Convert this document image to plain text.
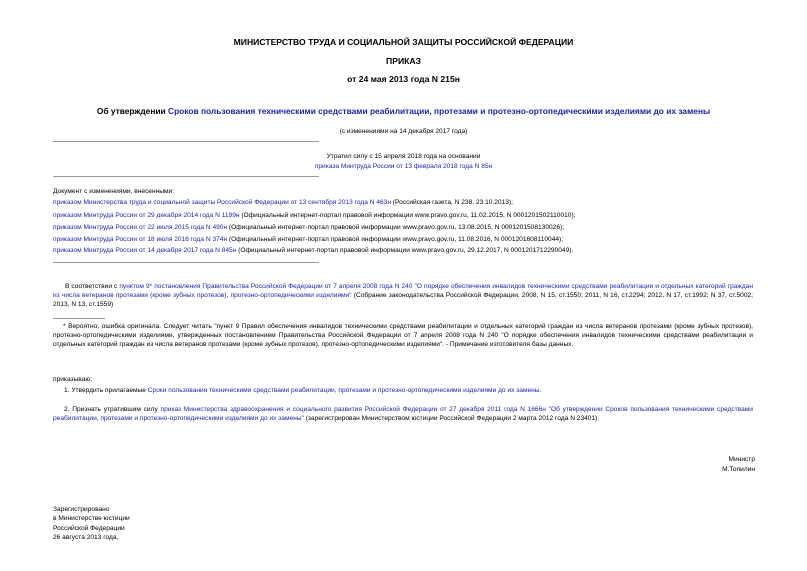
МИНИСТЕРСТВО ТРУДА И СОЦИАЛЬНОЙ ЗАЩИТЫ РОССИЙСКОЙ ФЕДЕРАЦИИ
ПРИКАЗ
от 24 мая 2013 года N 215н
Об утверждении Сроков пользования техническими средствами реабилитации, протезами и протезно-ортопедическими изделиями до их замены
(с изменениями на 14 декабря 2017 года)
Утратил силу с 15 апреля 2018 года на основании
приказа Минтруда России от 13 февраля 2018 года N 85н
Документ с изменениями, внесенными:
приказом Министерства труда и социальной защиты Российской Федерации от 13 сентября 2013 года N 463н (Российская газета, N 238, 23.10.2013);
приказом Минтруда России от 29 декабря 2014 года N 1199н (Официальный интернет-портал правовой информации www.pravo.gov.ru, 11.02.2015, N 0001201502110010);
приказом Минтруда России от 22 июля 2015 года N 490н (Официальный интернет-портал правовой информации www.pravo.gov.ru, 13.08.2015, N 0001201508130026);
приказом Минтруда России от 18 июля 2016 года N 374н (Официальный интернет-портал правовой информации www.pravo.gov.ru, 11.08.2016, N 0001201608110044);
приказом Минтруда России от 14 декабря 2017 года N 845н (Официальный интернет-портал правовой информации www.pravo.gov.ru, 29.12.2017, N 0001201712290049).
В соответствии с пунктом 9* постановления Правительства Российской Федерации от 7 апреля 2008 года N 240 "О порядке обеспечения инвалидов техническими средствами реабилитации и отдельных категорий граждан из числа ветеранов протезами (кроме зубных протезов), протезно-ортопедическими изделиями" (Собрание законодательства Российской Федерации, 2008, N 15, ст.1550; 2011, N 16, ст.2294; 2012, N 17, ст.1992; N 37, ст.5002; 2013, N 13, ст.1559)
* Вероятно, ошибка оригинала. Следует читать "пункт 9 Правил обеспечения инвалидов техническими средствами реабилитации и отдельных категорий граждан из числа ветеранов протезами (кроме зубных протезов), протезно-ортопедическими изделиями, утвержденных постановлением Правительства Российской Федерации от 7 апреля 2008 года N 240 "О порядке обеспечения инвалидов техническими средствами реабилитации и отдельных категорий граждан из числа ветеранов протезами (кроме зубных протезов), протезно-ортопедическими изделиями". - Примечание изготовителя базы данных.
приказываю:
1. Утвердить прилагаемые Сроки пользования техническими средствами реабилитации, протезами и протезно-ортопедическими изделиями до их замены.
2. Признать утратившим силу приказ Министерства здравоохранения и социального развития Российской Федерации от 27 декабря 2011 года N 1666н "Об утверждении Сроков пользования техническими средствами реабилитации, протезами и протезно-ортопедическими изделиями до их замены" (зарегистрирован Министерством юстиции Российской Федерации 2 марта 2012 года N 23401).
Министр
М.Топилин
Зарегистрировано
в Министерстве юстиции
Российской Федерации
26 августа 2013 года,
